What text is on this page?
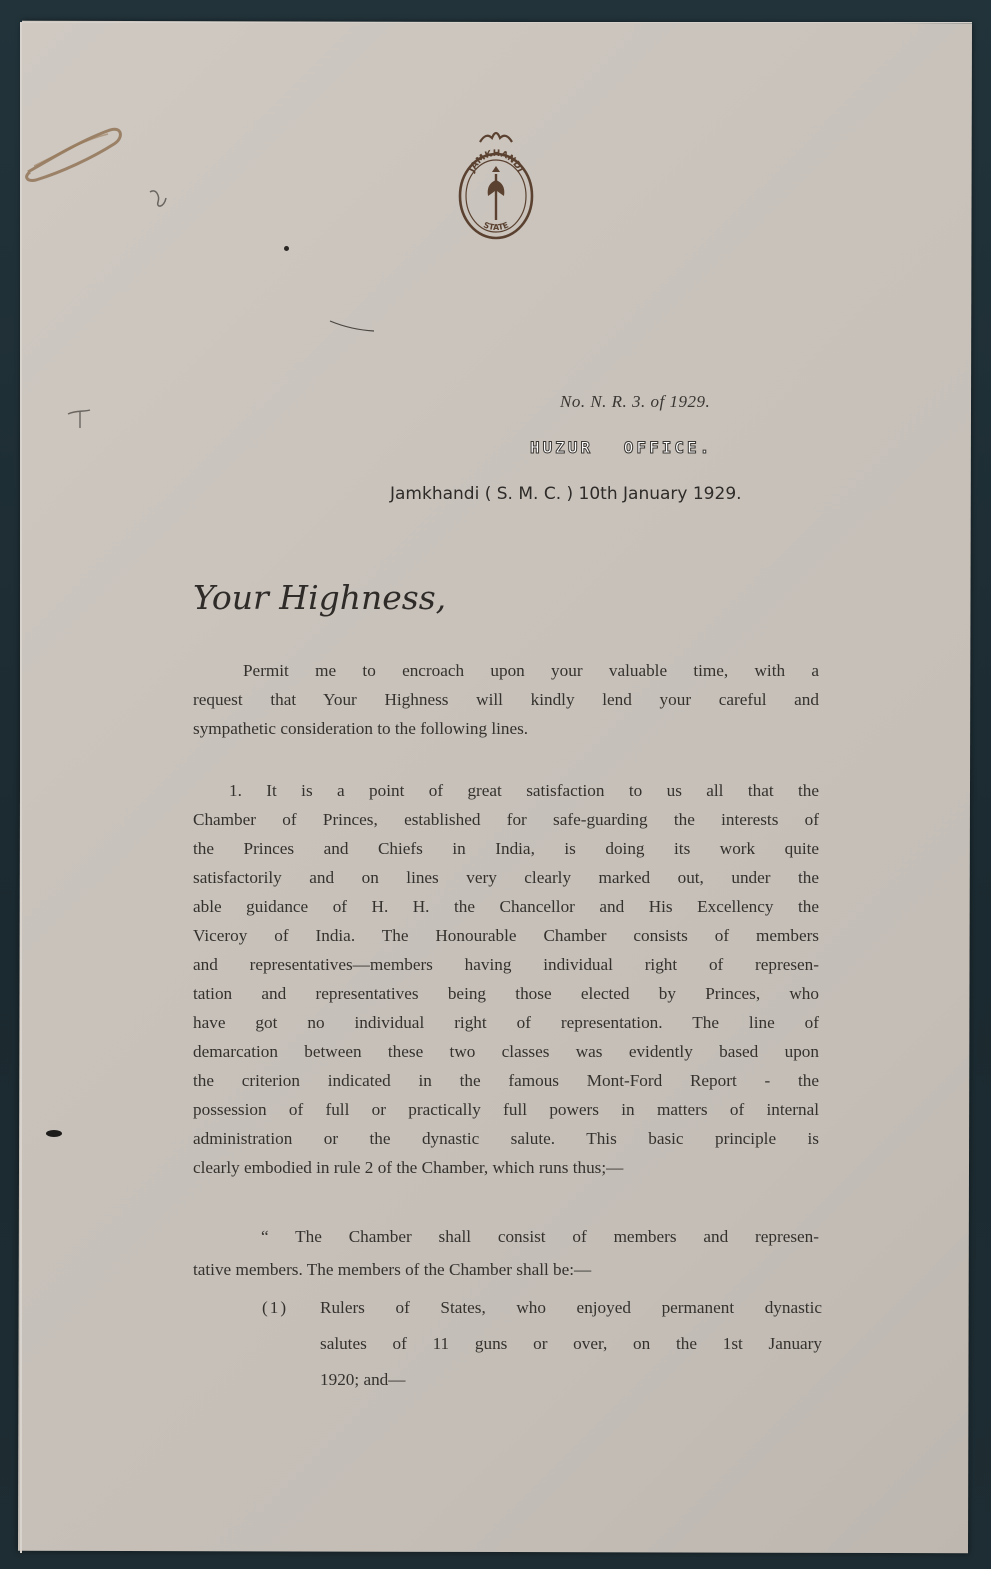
JAMKHANDI
STATE
No. N. R. 3. of 1929.
HUZUR OFFICE.
Jamkhandi ( S. M. C. ) 10th January 1929.
Your Highness,
Permit me to encroach upon your valuable time, with a
request that Your Highness will kindly lend your careful and
sympathetic consideration to the following lines.
1. It is a point of great satisfaction to us all that the
Chamber of Princes, established for safe-guarding the interests of
the Princes and Chiefs in India, is doing its work quite
satisfactorily and on lines very clearly marked out, under the
able guidance of H. H. the Chancellor and His Excellency the
Viceroy of India. The Honourable Chamber consists of members
and representatives—members having individual right of represen-
tation and representatives being those elected by Princes, who
have got no individual right of representation. The line of
demarcation between these two classes was evidently based upon
the criterion indicated in the famous Mont-Ford Report - the
possession of full or practically full powers in matters of internal
administration or the dynastic salute. This basic principle is
clearly embodied in rule 2 of the Chamber, which runs thus;—
“ The Chamber shall consist of members and represen-
tative members. The members of the Chamber shall be:—
(1) Rulers of States, who enjoyed permanent dynastic
salutes of 11 guns or over, on the 1st January
1920; and—
